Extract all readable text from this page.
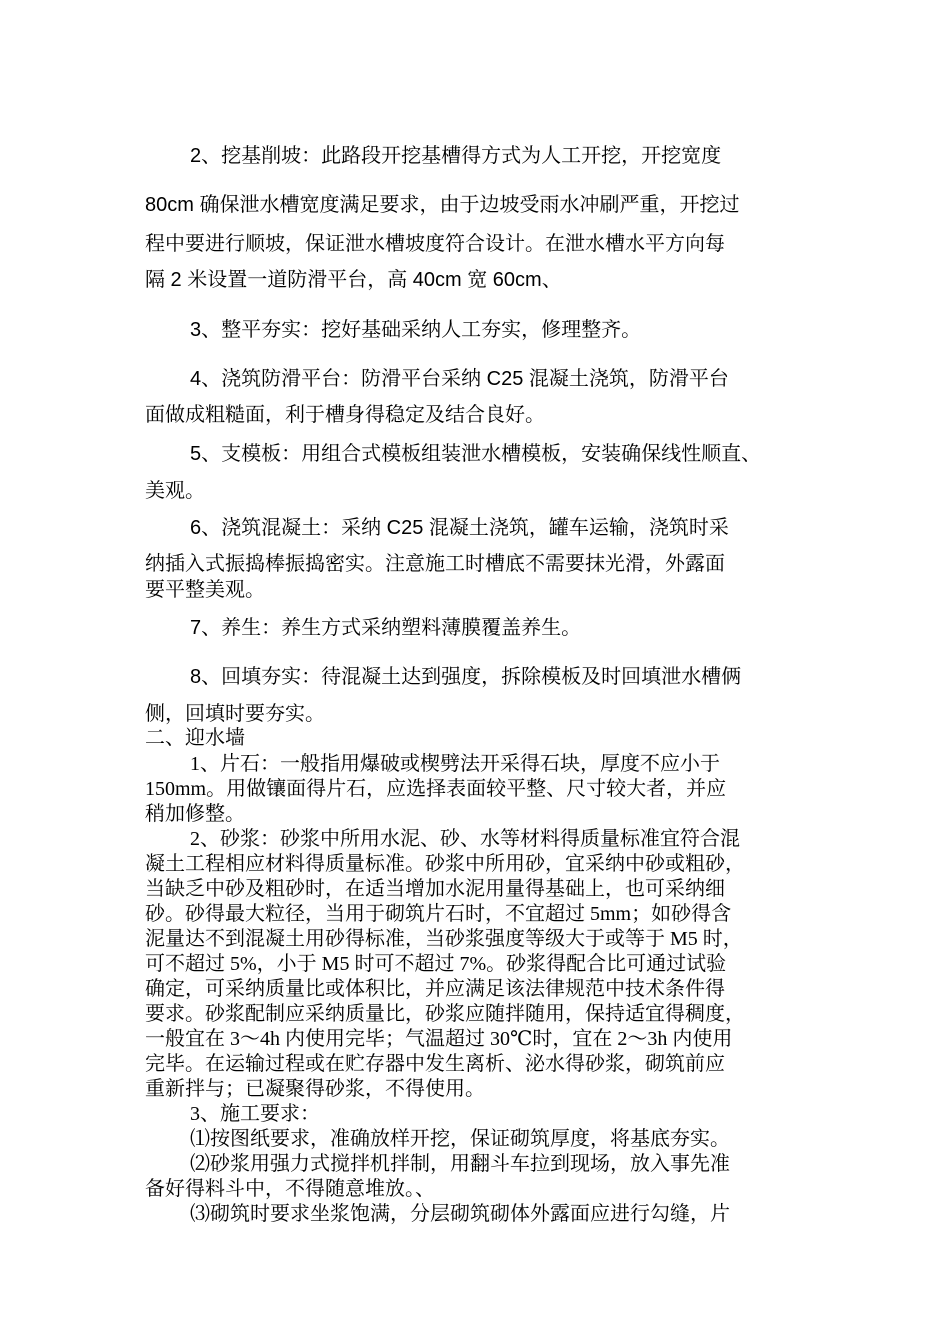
2、挖基削坡：此路段开挖基槽得方式为人工开挖，开挖宽度
80cm 确保泄水槽宽度满足要求，由于边坡受雨水冲刷严重，开挖过
程中要进行顺坡，保证泄水槽坡度符合设计。在泄水槽水平方向每
隔 2 米设置一道防滑平台，高 40cm 宽 60cm、
3、整平夯实：挖好基础采纳人工夯实，修理整齐。
4、浇筑防滑平台：防滑平台采纳 C25 混凝土浇筑，防滑平台
面做成粗糙面，利于槽身得稳定及结合良好。
5、支模板：用组合式模板组装泄水槽模板，安装确保线性顺直、
美观。
6、浇筑混凝土：采纳 C25 混凝土浇筑，罐车运输，浇筑时采
纳插入式振捣棒振捣密实。注意施工时槽底不需要抹光滑，外露面
要平整美观。
7、养生：养生方式采纳塑料薄膜覆盖养生。
8、回填夯实：待混凝土达到强度，拆除模板及时回填泄水槽俩
侧，回填时要夯实。
二、迎水墙
1、片石：一般指用爆破或楔劈法开采得石块，厚度不应小于
150mm。用做镶面得片石，应选择表面较平整、尺寸较大者，并应
稍加修整。
2、砂浆：砂浆中所用水泥、砂、水等材料得质量标准宜符合混
凝土工程相应材料得质量标准。砂浆中所用砂，宜采纳中砂或粗砂，
当缺乏中砂及粗砂时，在适当增加水泥用量得基础上，也可采纳细
砂。砂得最大粒径，当用于砌筑片石时，不宜超过 5mm；如砂得含
泥量达不到混凝土用砂得标准，当砂浆强度等级大于或等于 M5 时，
可不超过 5%，小于 M5 时可不超过 7%。砂浆得配合比可通过试验
确定，可采纳质量比或体积比，并应满足该法律规范中技术条件得
要求。砂浆配制应采纳质量比，砂浆应随拌随用，保持适宜得稠度，
一般宜在 3～4h 内使用完毕；气温超过 30℃时，宜在 2～3h 内使用
完毕。在运输过程或在贮存器中发生离析、泌水得砂浆，砌筑前应
重新拌与；已凝聚得砂浆，不得使用。
3、施工要求：
⑴按图纸要求，准确放样开挖，保证砌筑厚度，将基底夯实。
⑵砂浆用强力式搅拌机拌制，用翻斗车拉到现场，放入事先准
备好得料斗中，不得随意堆放。、
⑶砌筑时要求坐浆饱满，分层砌筑砌体外露面应进行勾缝，片
